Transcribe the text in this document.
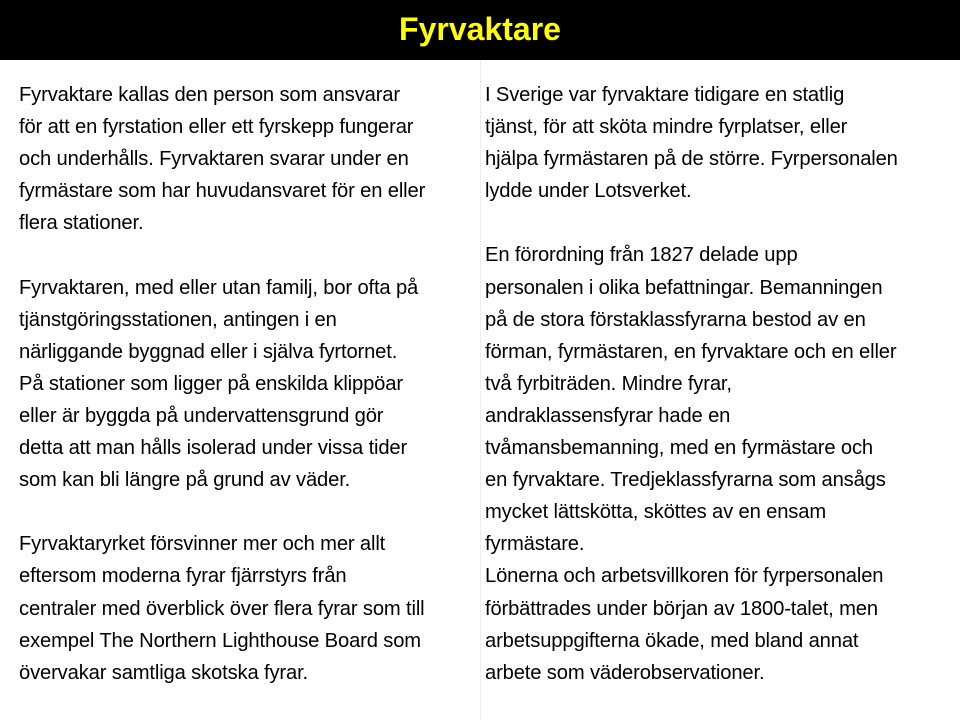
Fyrvaktare
Fyrvaktare kallas den person som ansvarar
för att en fyrstation eller ett fyrskepp fungerar
och underhålls. Fyrvaktaren svarar under en
fyrmästare som har huvudansvaret för en eller
flera stationer.
Fyrvaktaren, med eller utan familj, bor ofta på
tjänstgöringsstationen, antingen i en
närliggande byggnad eller i själva fyrtornet.
På stationer som ligger på enskilda klippöar
eller är byggda på undervattensgrund gör
detta att man hålls isolerad under vissa tider
som kan bli längre på grund av väder.
Fyrvaktaryrket försvinner mer och mer allt
eftersom moderna fyrar fjärrstyrs från
centraler med överblick över flera fyrar som till
exempel The Northern Lighthouse Board som
övervakar samtliga skotska fyrar.
I Sverige var fyrvaktare tidigare en statlig
tjänst, för att sköta mindre fyrplatser, eller
hjälpa fyrmästaren på de större. Fyrpersonalen
lydde under Lotsverket.
En förordning från 1827 delade upp
personalen i olika befattningar. Bemanningen
på de stora förstaklassfyrarna bestod av en
förman, fyrmästaren, en fyrvaktare och en eller
två fyrbiträden. Mindre fyrar,
andraklassensfyrar hade en
tvåmansbemanning, med en fyrmästare och
en fyrvaktare. Tredjeklassfyrarna som ansågs
mycket lättskötta, sköttes av en ensam
fyrmästare.
Lönerna och arbetsvillkoren för fyrpersonalen
förbättrades under början av 1800-talet, men
arbetsuppgifterna ökade, med bland annat
arbete som väderobservationer.
